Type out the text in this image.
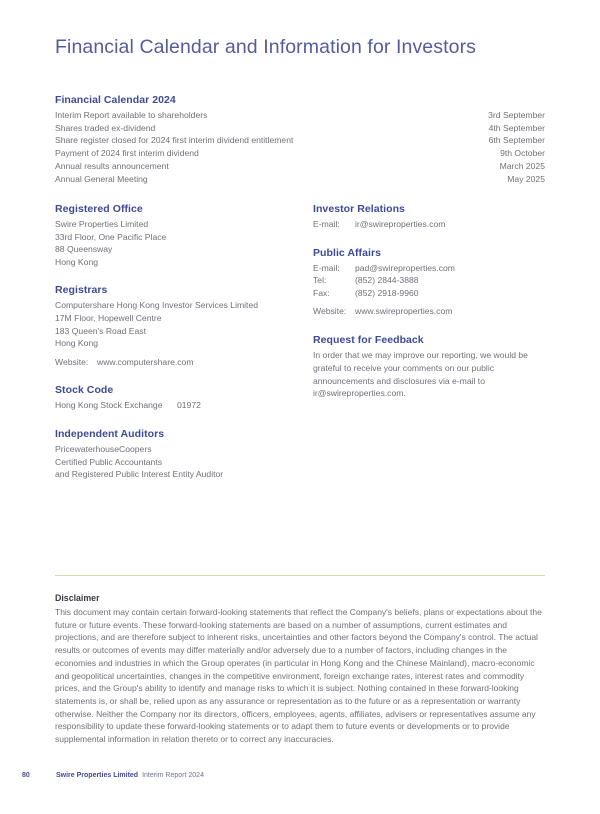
Financial Calendar and Information for Investors
Financial Calendar 2024
Interim Report available to shareholders	3rd September
Shares traded ex-dividend	4th September
Share register closed for 2024 first interim dividend entitlement	6th September
Payment of 2024 first interim dividend	9th October
Annual results announcement	March 2025
Annual General Meeting	May 2025
Registered Office
Swire Properties Limited
33rd Floor, One Pacific Place
88 Queensway
Hong Kong
Registrars
Computershare Hong Kong Investor Services Limited
17M Floor, Hopewell Centre
183 Queen's Road East
Hong Kong
Website:	www.computershare.com
Stock Code
Hong Kong Stock Exchange	01972
Independent Auditors
PricewaterhouseCoopers
Certified Public Accountants
and Registered Public Interest Entity Auditor
Investor Relations
E-mail:	ir@swireproperties.com
Public Affairs
E-mail:	pad@swireproperties.com
Tel:	(852) 2844-3888
Fax:	(852) 2918-9960
Website:	www.swireproperties.com
Request for Feedback

In order that we may improve our reporting, we would be grateful to receive your comments on our public announcements and disclosures via e-mail to ir@swireproperties.com.

Disclaimer

This document may contain certain forward-looking statements that reflect the Company's beliefs, plans or expectations about the future or future events. These forward-looking statements are based on a number of assumptions, current estimates and projections, and are therefore subject to inherent risks, uncertainties and other factors beyond the Company's control. The actual results or outcomes of events may differ materially and/or adversely due to a number of factors, including changes in the economies and industries in which the Group operates (in particular in Hong Kong and the Chinese Mainland), macro-economic and geopolitical uncertainties, changes in the competitive environment, foreign exchange rates, interest rates and commodity prices, and the Group's ability to identify and manage risks to which it is subject. Nothing contained in these forward-looking statements is, or shall be, relied upon as any assurance or representation as to the future or as a representation or warranty otherwise. Neither the Company nor its directors, officers, employees, agents, affiliates, advisers or representatives assume any responsibility to update these forward-looking statements or to adapt them to future events or developments or to provide supplemental information in relation thereto or to correct any inaccuracies.

80	Swire Properties Limited Interim Report 2024
